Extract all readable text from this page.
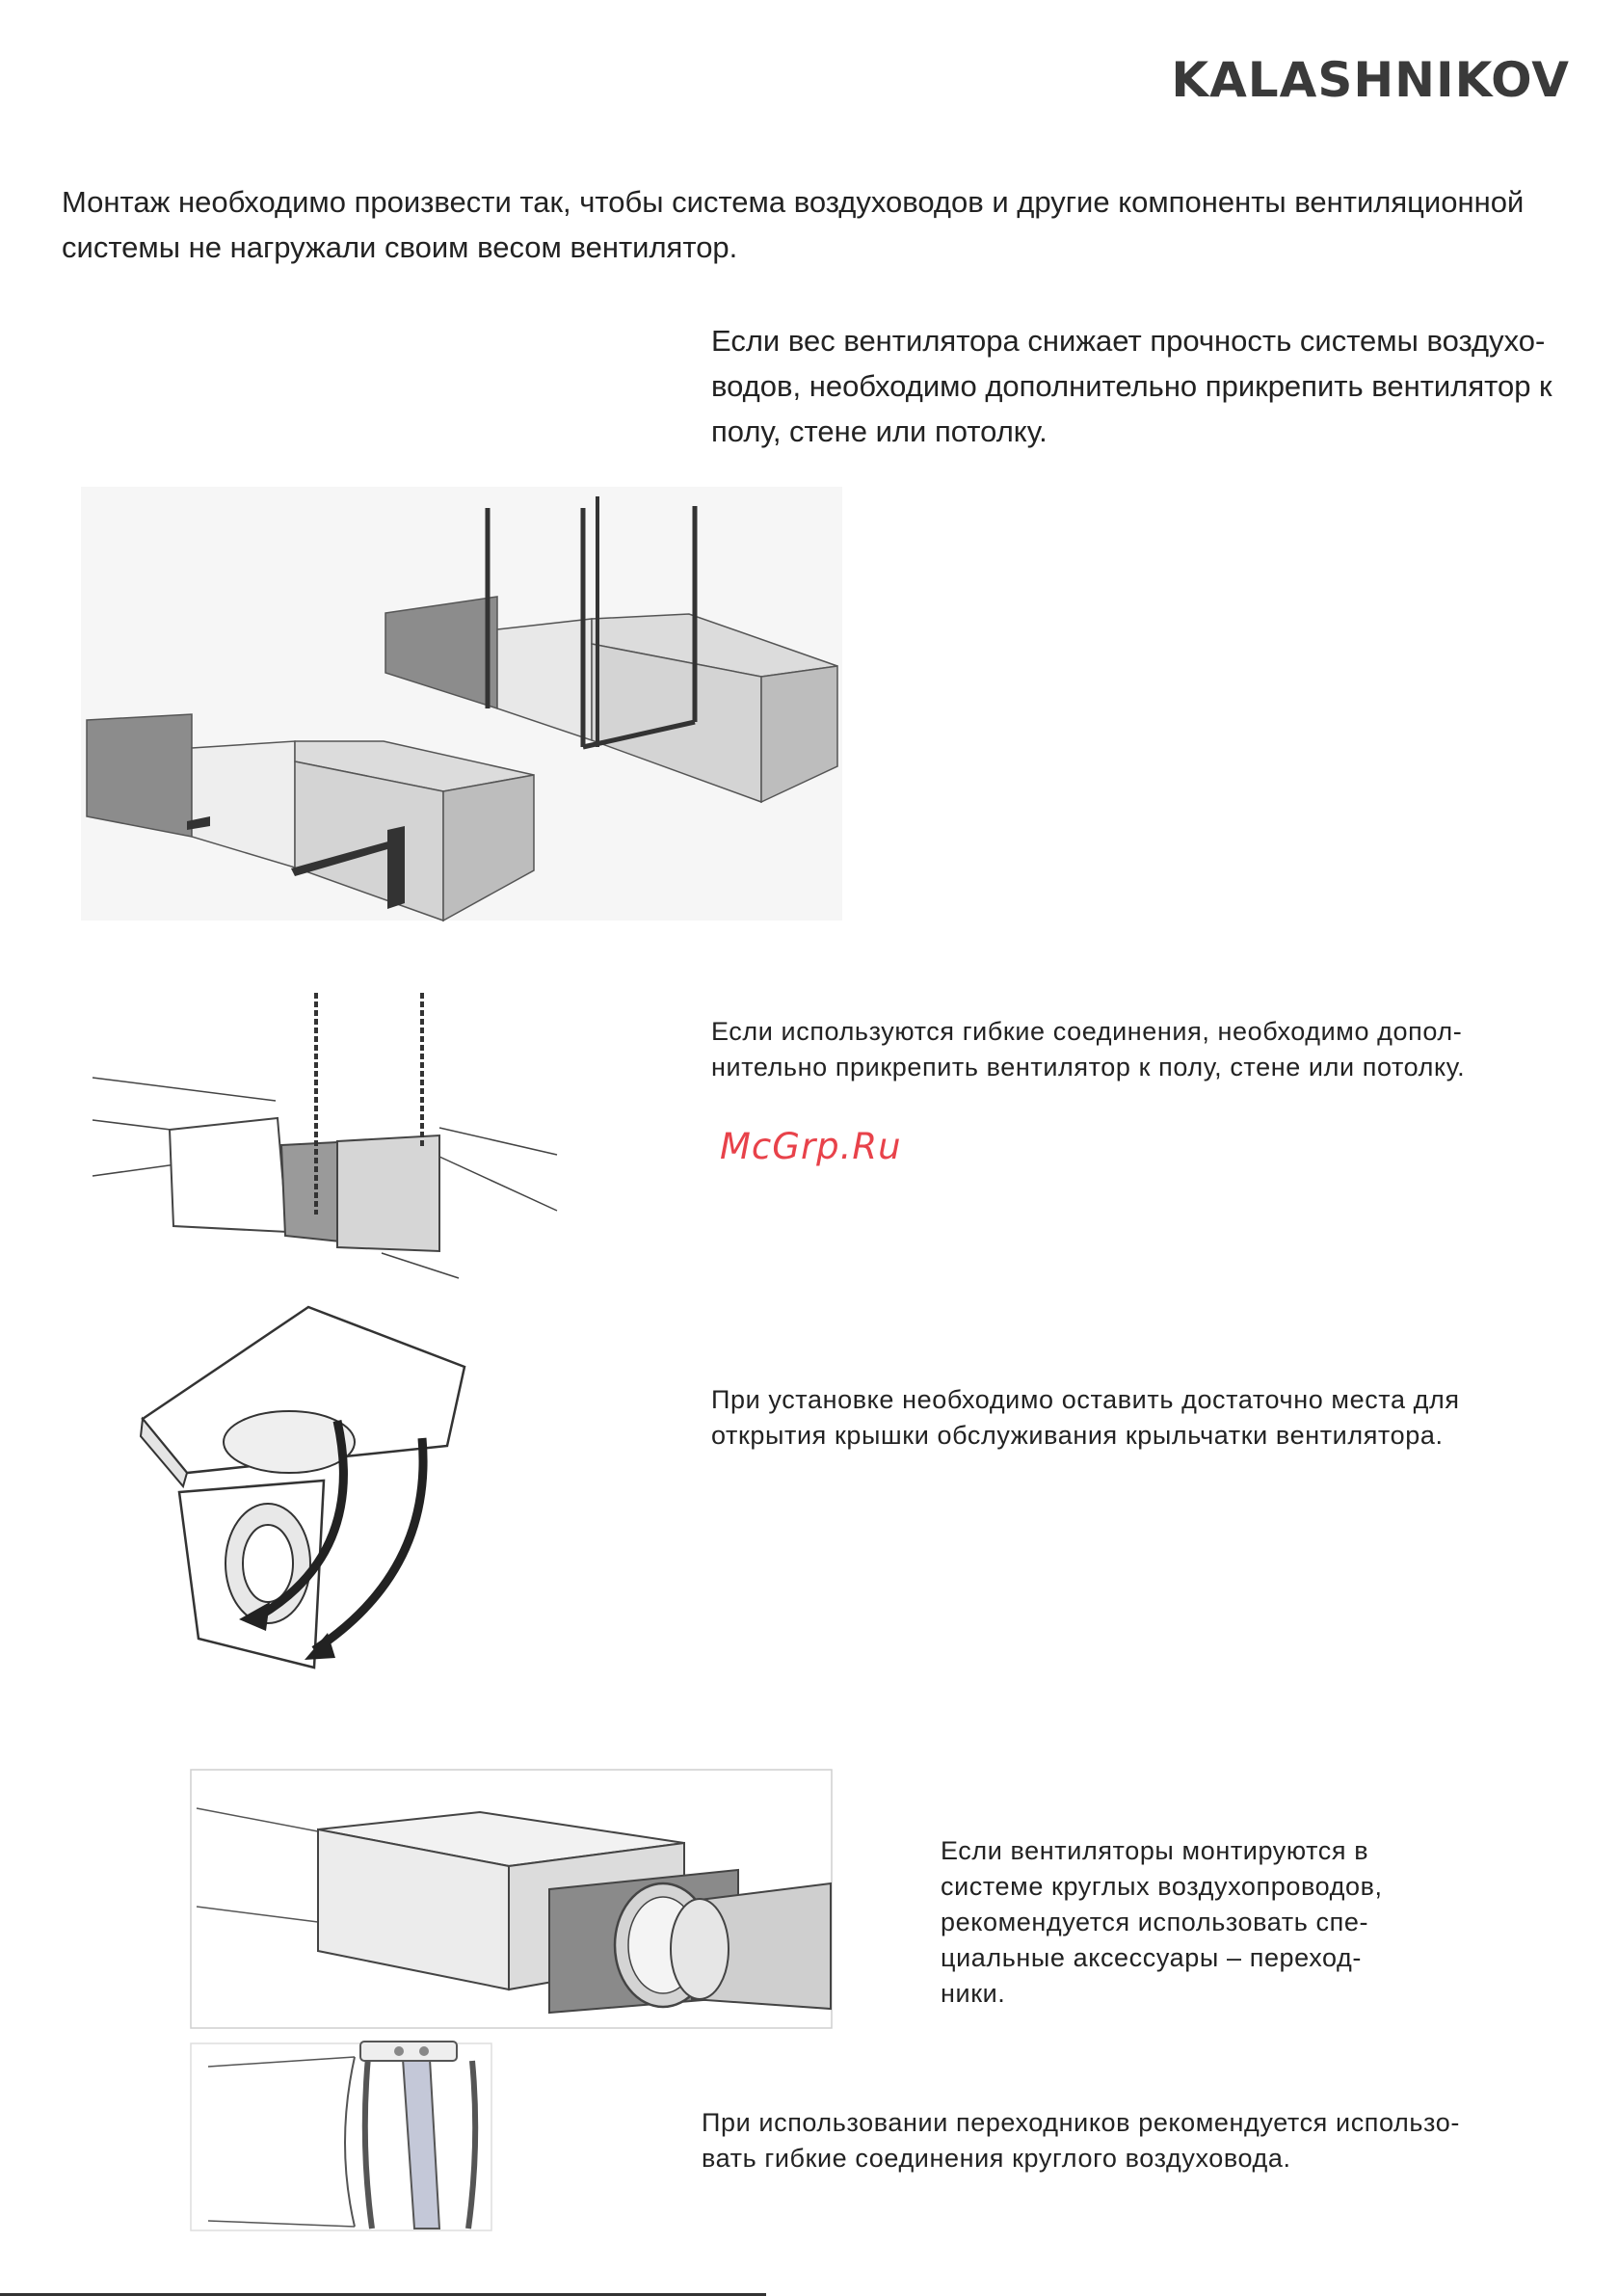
KALASHNIKOV
Монтаж необходимо произвести так, чтобы система воздуховодов и другие компоненты вентиляционной
системы не нагружали своим весом вентилятор.
Если вес вентилятора снижает прочность системы воздухо-
водов, необходимо дополнительно прикрепить вентилятор к
полу, стене или потолку.
Если используются гибкие соединения, необходимо допол-
нительно прикрепить вентилятор к полу, стене или потолку.
McGrp.Ru
При установке необходимо оставить достаточно места для
открытия крышки обслуживания крыльчатки вентилятора.
Если вентиляторы монтируются в
системе круглых воздухопроводов,
рекомендуется использовать спе-
циальные аксессуары – переход-
ники.
При использовании переходников рекомендуется использо-
вать гибкие соединения круглого воздуховода.
